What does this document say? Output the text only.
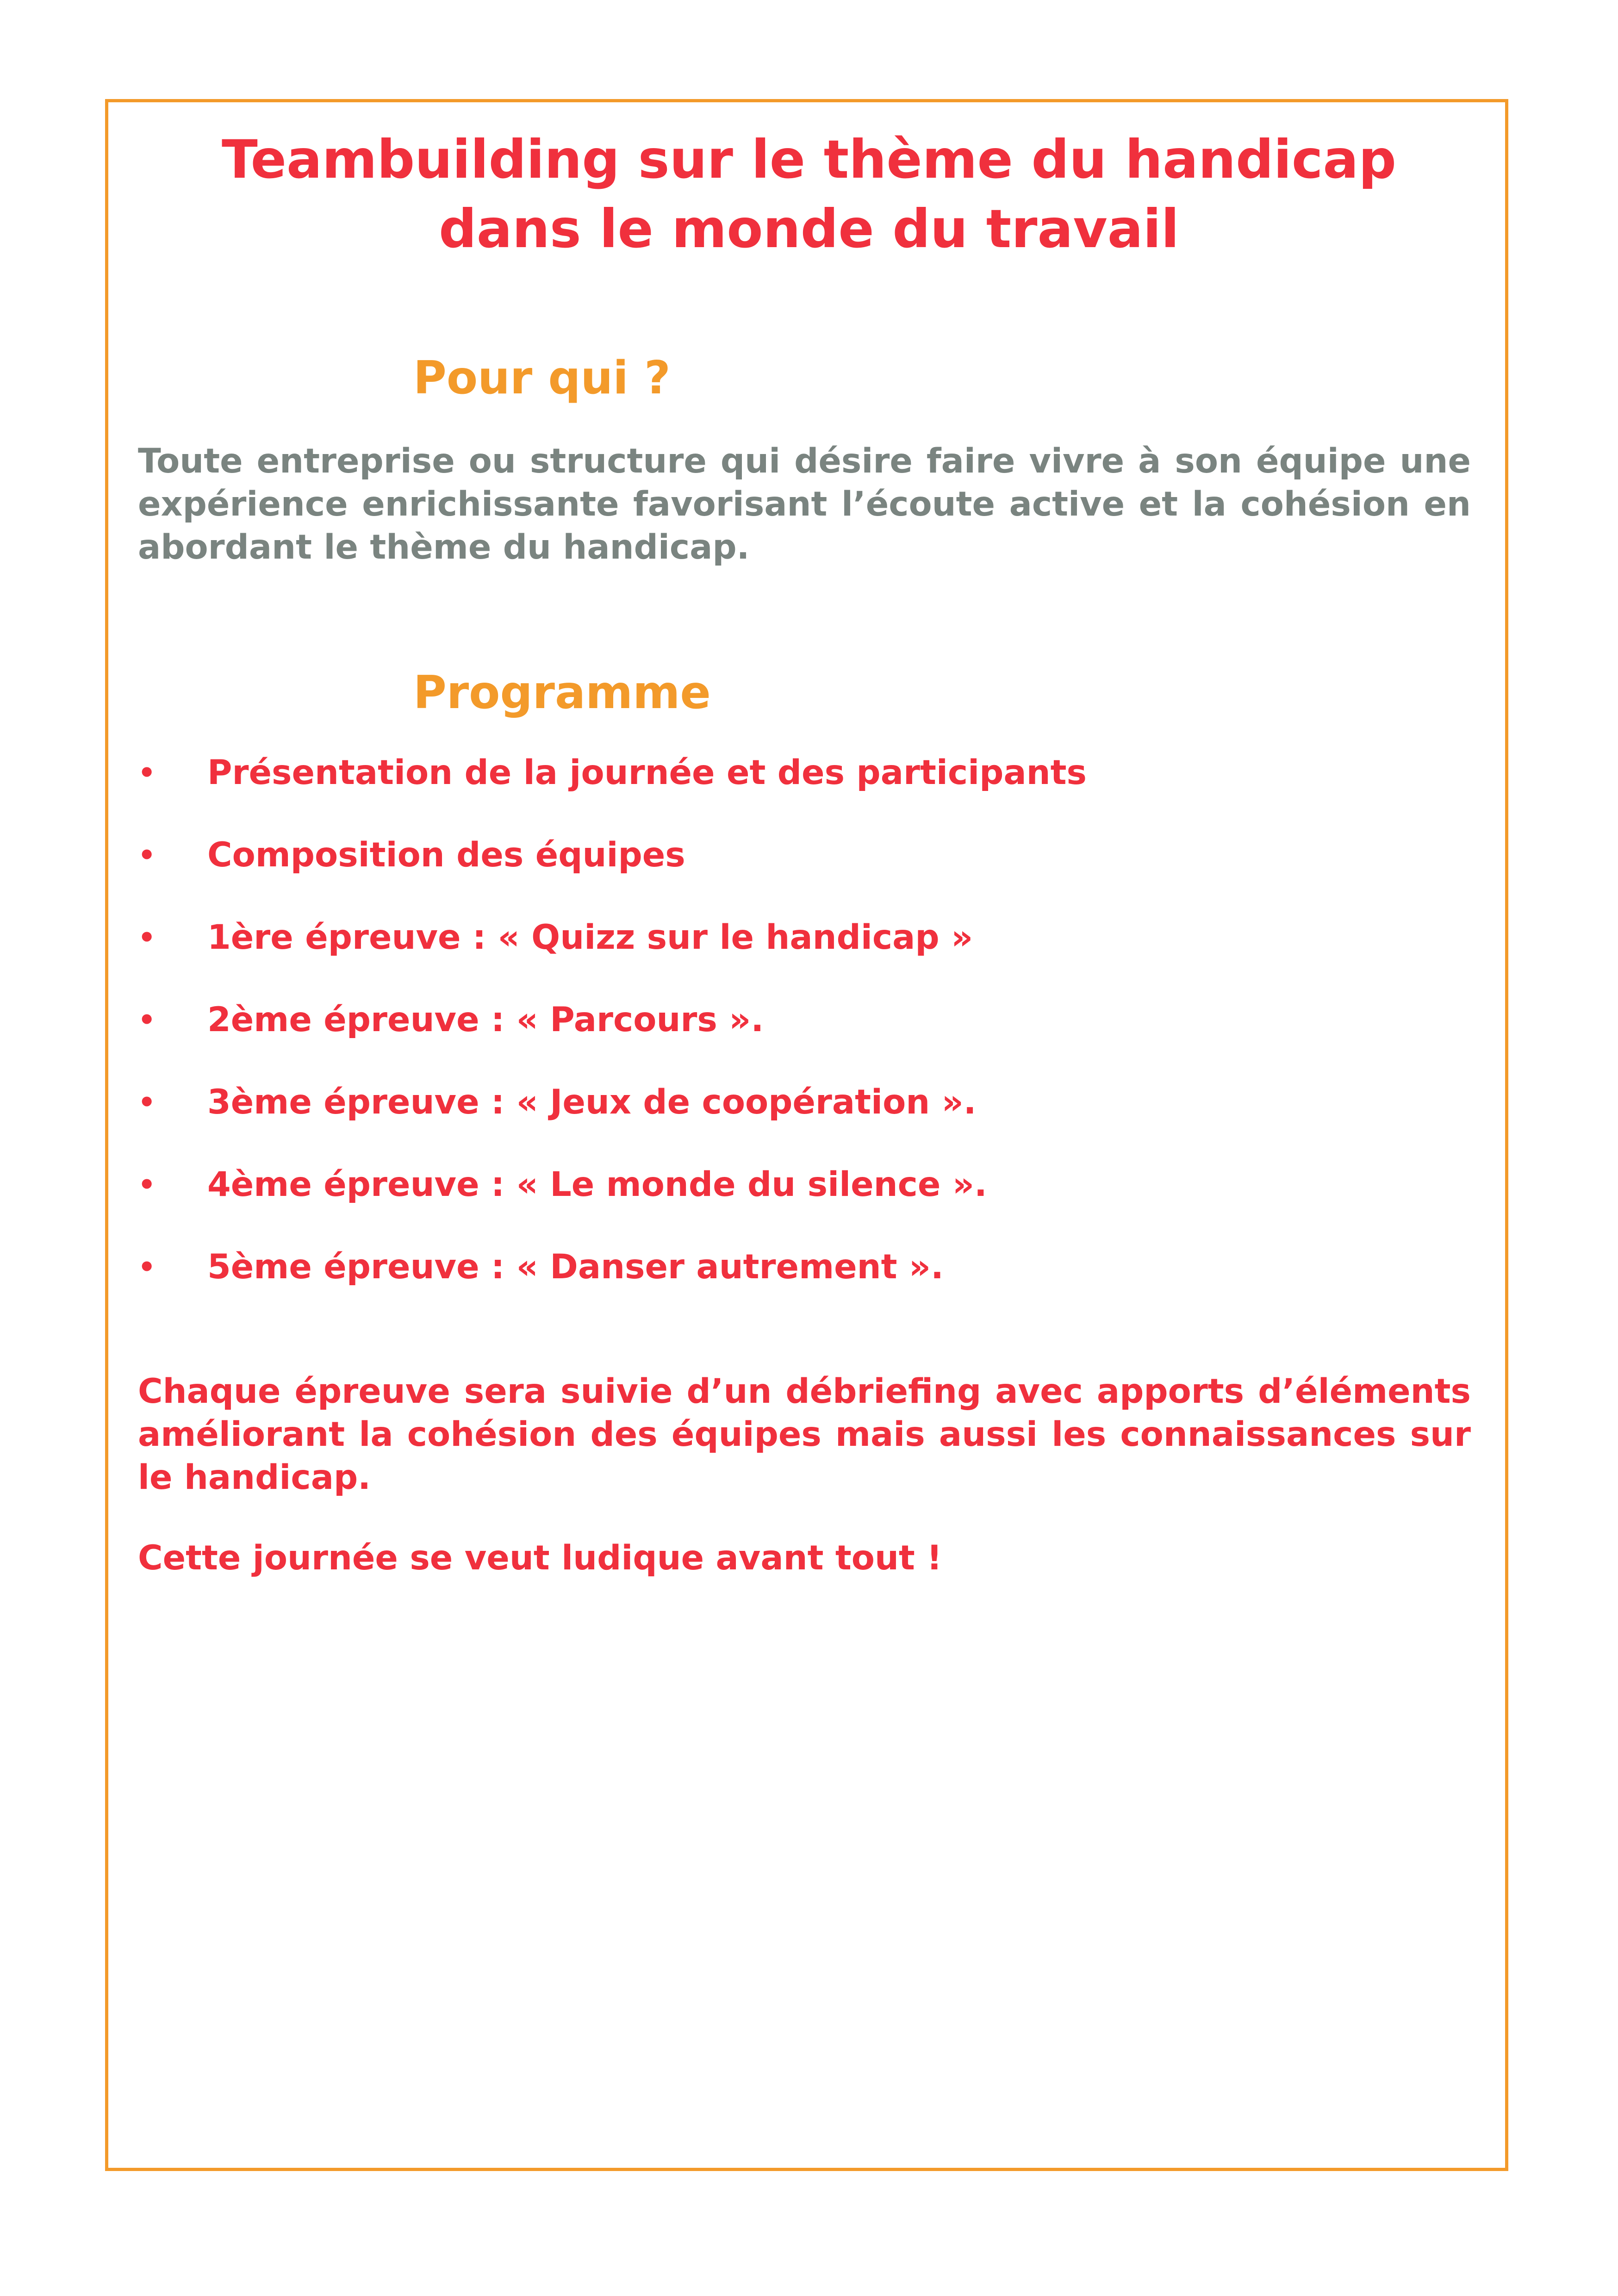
Teambuilding sur le thème du handicap
dans le monde du travail
Pour qui ?

Toute entreprise ou structure qui désire faire vivre à son équipe une expérience enrichissante favorisant l’écoute active et la cohésion en abordant le thème du handicap.

Programme
•	Présentation de la journée et des participants
•	Composition des équipes
•	1ère épreuve : « Quizz sur le handicap »
•	2ème épreuve : « Parcours ».
•	3ème épreuve : « Jeux de coopération ».
•	4ème épreuve : « Le monde du silence ».
•	5ème épreuve : « Danser autrement ».

Chaque épreuve sera suivie d’un débriefing avec apports d’éléments améliorant la cohésion des équipes mais aussi les connaissances sur le handicap.

Cette journée se veut ludique avant tout !
